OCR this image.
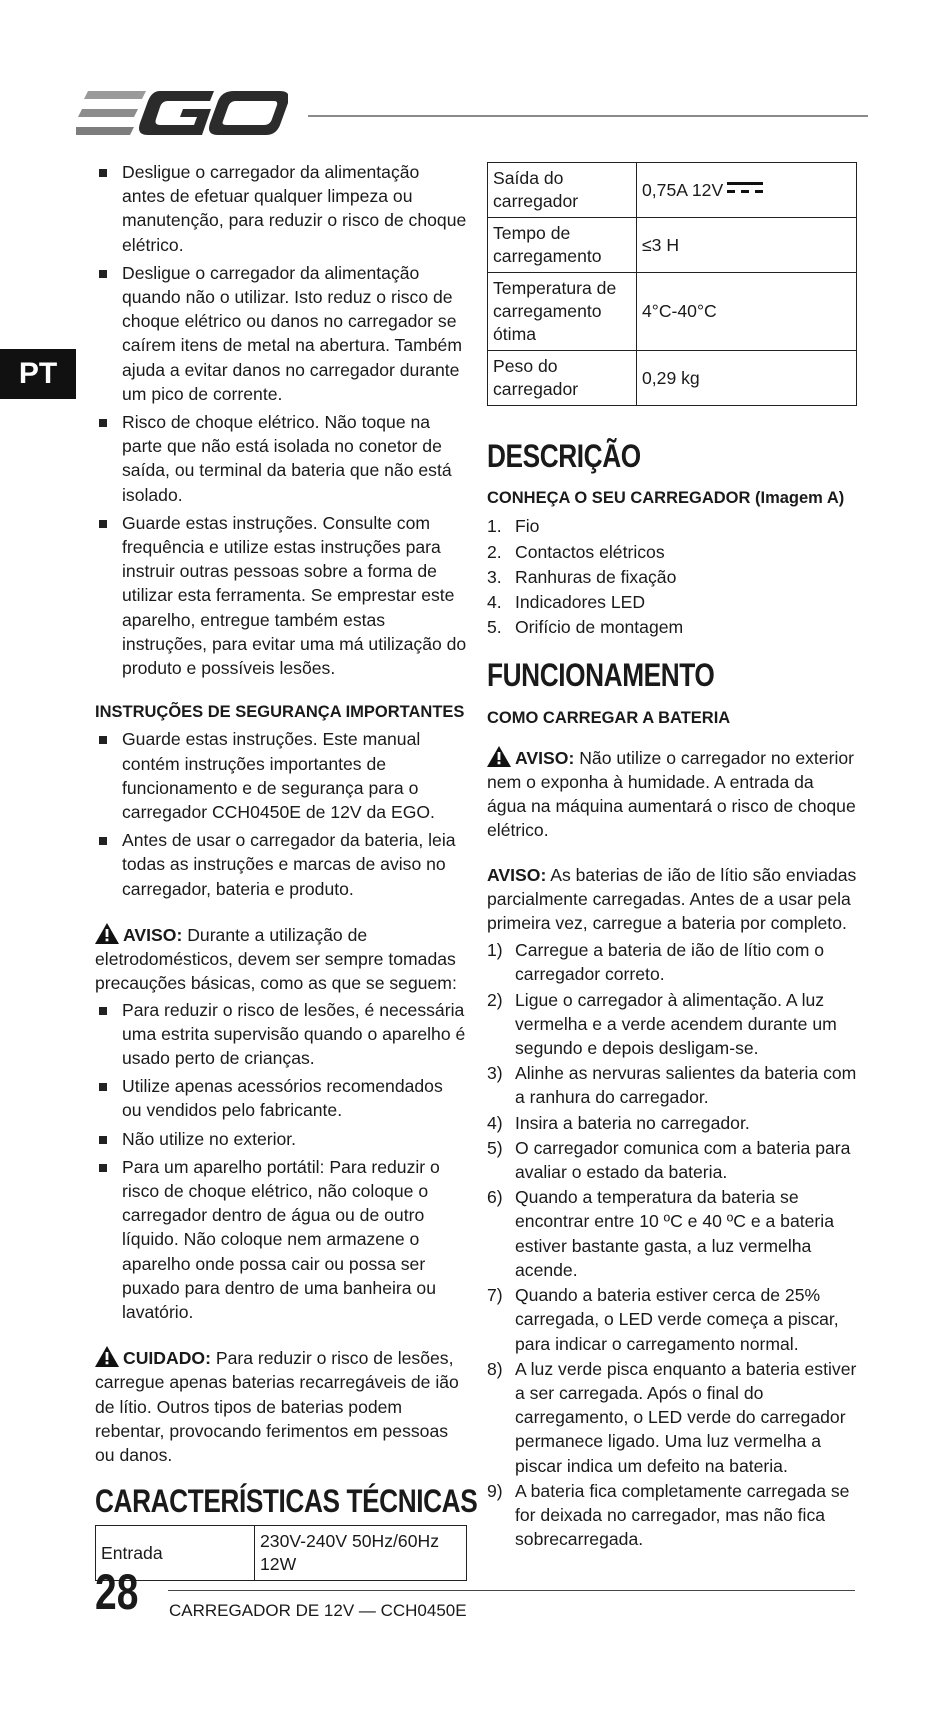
PT
Desligue o carregador da alimentação antes de efetuar qualquer limpeza ou manutenção, para reduzir o risco de choque elétrico.
Desligue o carregador da alimentação quando não o utilizar. Isto reduz o risco de choque elétrico ou danos no carregador se caírem itens de metal na abertura. Também ajuda a evitar danos no carregador durante um pico de corrente.
Risco de choque elétrico. Não toque na parte que não está isolada no conetor de saída, ou terminal da bateria que não está isolado.
Guarde estas instruções. Consulte com frequência e utilize estas instruções para instruir outras pessoas sobre a forma de utilizar esta ferramenta. Se emprestar este aparelho, entregue também estas instruções, para evitar uma má utilização do produto e possíveis lesões.

INSTRUÇÕES DE SEGURANÇA IMPORTANTES

Guarde estas instruções. Este manual contém instruções importantes de funcionamento e de segurança para o carregador CCH0450E de 12V da EGO.
Antes de usar o carregador da bateria, leia todas as instruções e marcas de aviso no carregador, bateria e produto.

AVISO: Durante a utilização de eletrodomésticos, devem ser sempre tomadas precauções básicas, como as que se seguem:

Para reduzir o risco de lesões, é necessária uma estrita supervisão quando o aparelho é usado perto de crianças.
Utilize apenas acessórios recomendados ou vendidos pelo fabricante.
Não utilize no exterior.
Para um aparelho portátil: Para reduzir o risco de choque elétrico, não coloque o carregador dentro de água ou de outro líquido. Não coloque nem armazene o aparelho onde possa cair ou possa ser puxado para dentro de uma banheira ou lavatório.

CUIDADO: Para reduzir o risco de lesões, carregue apenas baterias recarregáveis de ião de lítio. Outros tipos de baterias podem rebentar, provocando ferimentos em pessoas ou danos.

CARACTERÍSTICAS TÉCNICAS
Entrada	230V-240V 50Hz/60Hz 12W
Saída do carregador	0,75A 12V
Tempo de carregamento	≤3 H
Temperatura de carregamento ótima	4°C-40°C
Peso do carregador	0,29 kg
DESCRIÇÃO

CONHEÇA O SEU CARREGADOR (Imagem A)

1. Fio
2. Contactos elétricos
3. Ranhuras de fixação
4. Indicadores LED
5. Orifício de montagem
FUNCIONAMENTO

COMO CARREGAR A BATERIA

AVISO: Não utilize o carregador no exterior nem o exponha à humidade. A entrada da água na máquina aumentará o risco de choque elétrico.

AVISO: As baterias de ião de lítio são enviadas parcialmente carregadas. Antes de a usar pela primeira vez, carregue a bateria por completo.

1) Carregue a bateria de ião de lítio com o carregador correto.
2) Ligue o carregador à alimentação. A luz vermelha e a verde acendem durante um segundo e depois desligam-se.
3) Alinhe as nervuras salientes da bateria com a ranhura do carregador.
4) Insira a bateria no carregador.
5) O carregador comunica com a bateria para avaliar o estado da bateria.
6) Quando a temperatura da bateria se encontrar entre 10 ºC e 40 ºC e a bateria estiver bastante gasta, a luz vermelha acende.
7) Quando a bateria estiver cerca de 25% carregada, o LED verde começa a piscar, para indicar o carregamento normal.
8) A luz verde pisca enquanto a bateria estiver a ser carregada. Após o final do carregamento, o LED verde do carregador permanece ligado. Uma luz vermelha a piscar indica um defeito na bateria.
9) A bateria fica completamente carregada se for deixada no carregador, mas não fica sobrecarregada.
28 CARREGADOR DE 12V — CCH0450E
